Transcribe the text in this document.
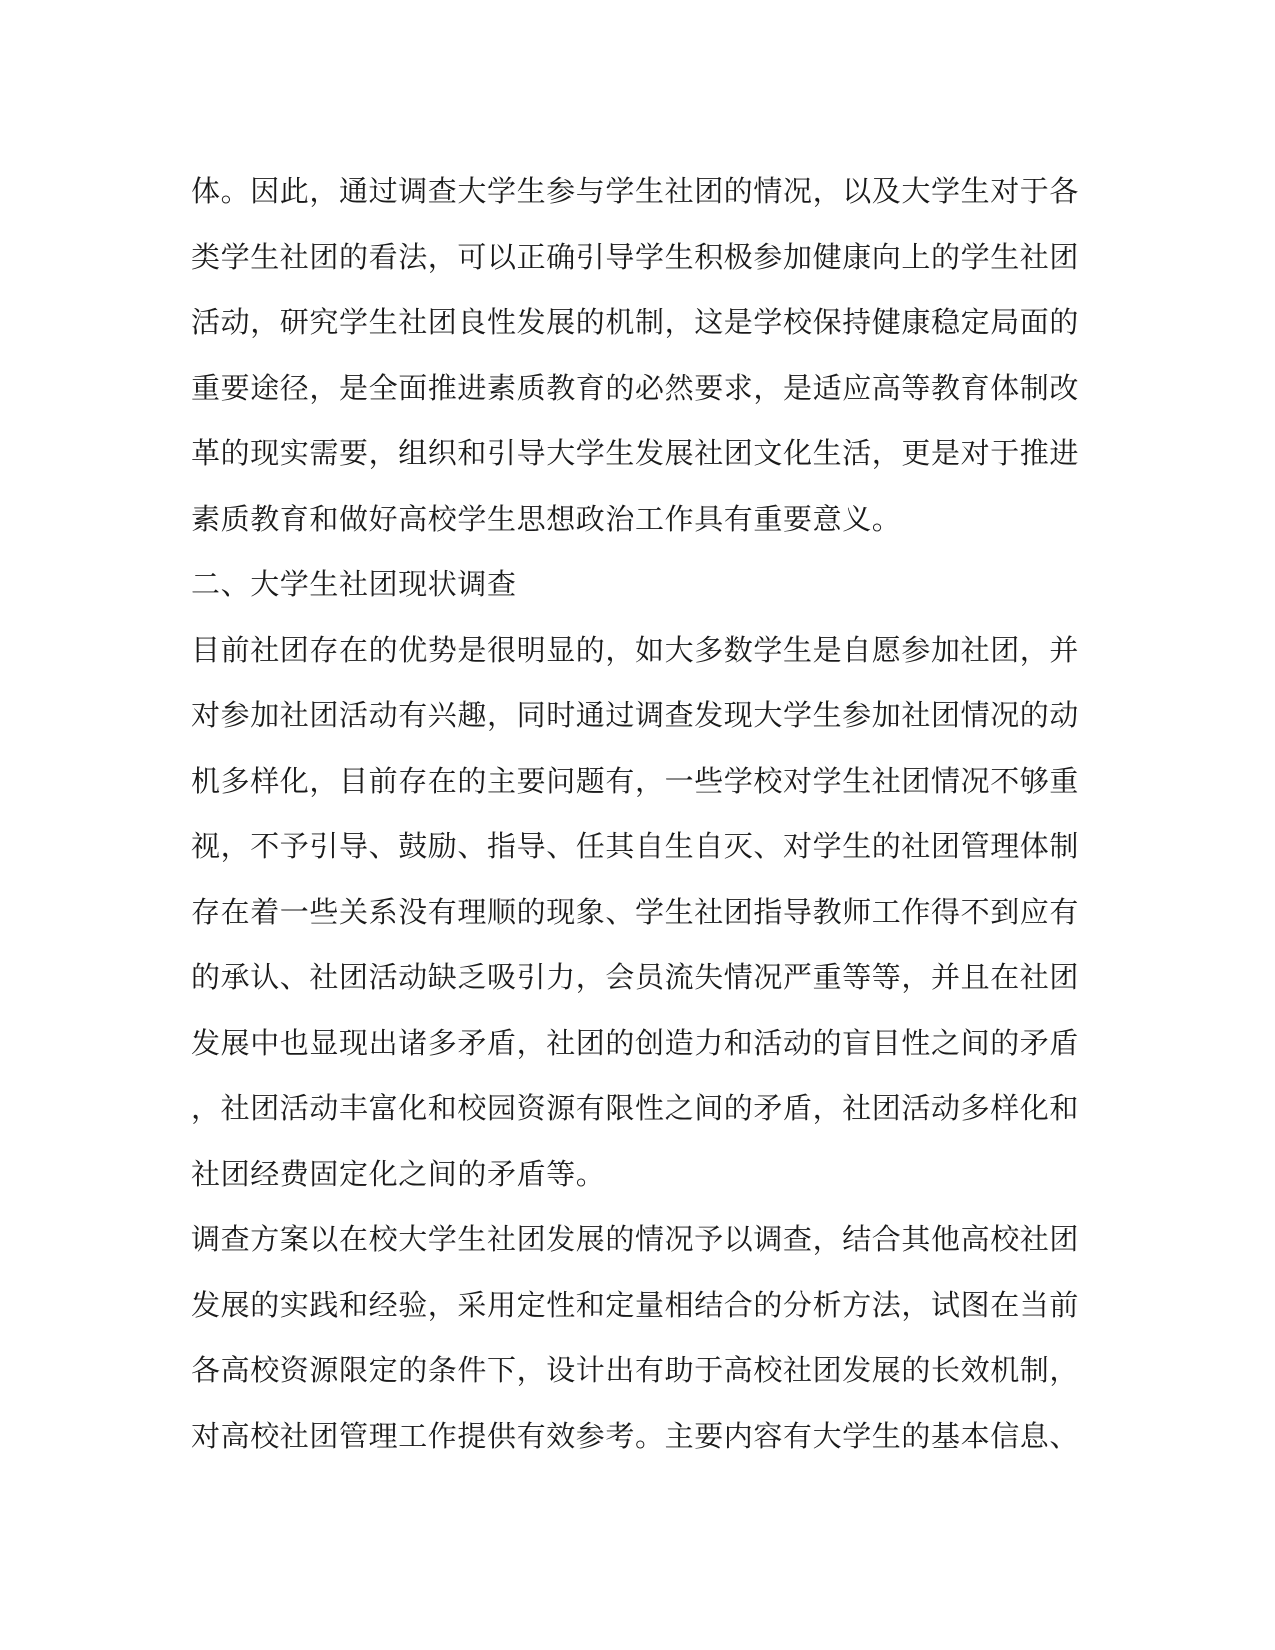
体。因此，通过调查大学生参与学生社团的情况，以及大学生对于各
类学生社团的看法，可以正确引导学生积极参加健康向上的学生社团
活动，研究学生社团良性发展的机制，这是学校保持健康稳定局面的
重要途径，是全面推进素质教育的必然要求，是适应高等教育体制改
革的现实需要，组织和引导大学生发展社团文化生活，更是对于推进
素质教育和做好高校学生思想政治工作具有重要意义。
二、大学生社团现状调查
目前社团存在的优势是很明显的，如大多数学生是自愿参加社团，并
对参加社团活动有兴趣，同时通过调查发现大学生参加社团情况的动
机多样化，目前存在的主要问题有，一些学校对学生社团情况不够重
视，不予引导、鼓励、指导、任其自生自灭、对学生的社团管理体制
存在着一些关系没有理顺的现象、学生社团指导教师工作得不到应有
的承认、社团活动缺乏吸引力，会员流失情况严重等等，并且在社团
发展中也显现出诸多矛盾，社团的创造力和活动的盲目性之间的矛盾
，社团活动丰富化和校园资源有限性之间的矛盾，社团活动多样化和
社团经费固定化之间的矛盾等。
调查方案以在校大学生社团发展的情况予以调查，结合其他高校社团
发展的实践和经验，采用定性和定量相结合的分析方法，试图在当前
各高校资源限定的条件下，设计出有助于高校社团发展的长效机制，
对高校社团管理工作提供有效参考。主要内容有大学生的基本信息、
